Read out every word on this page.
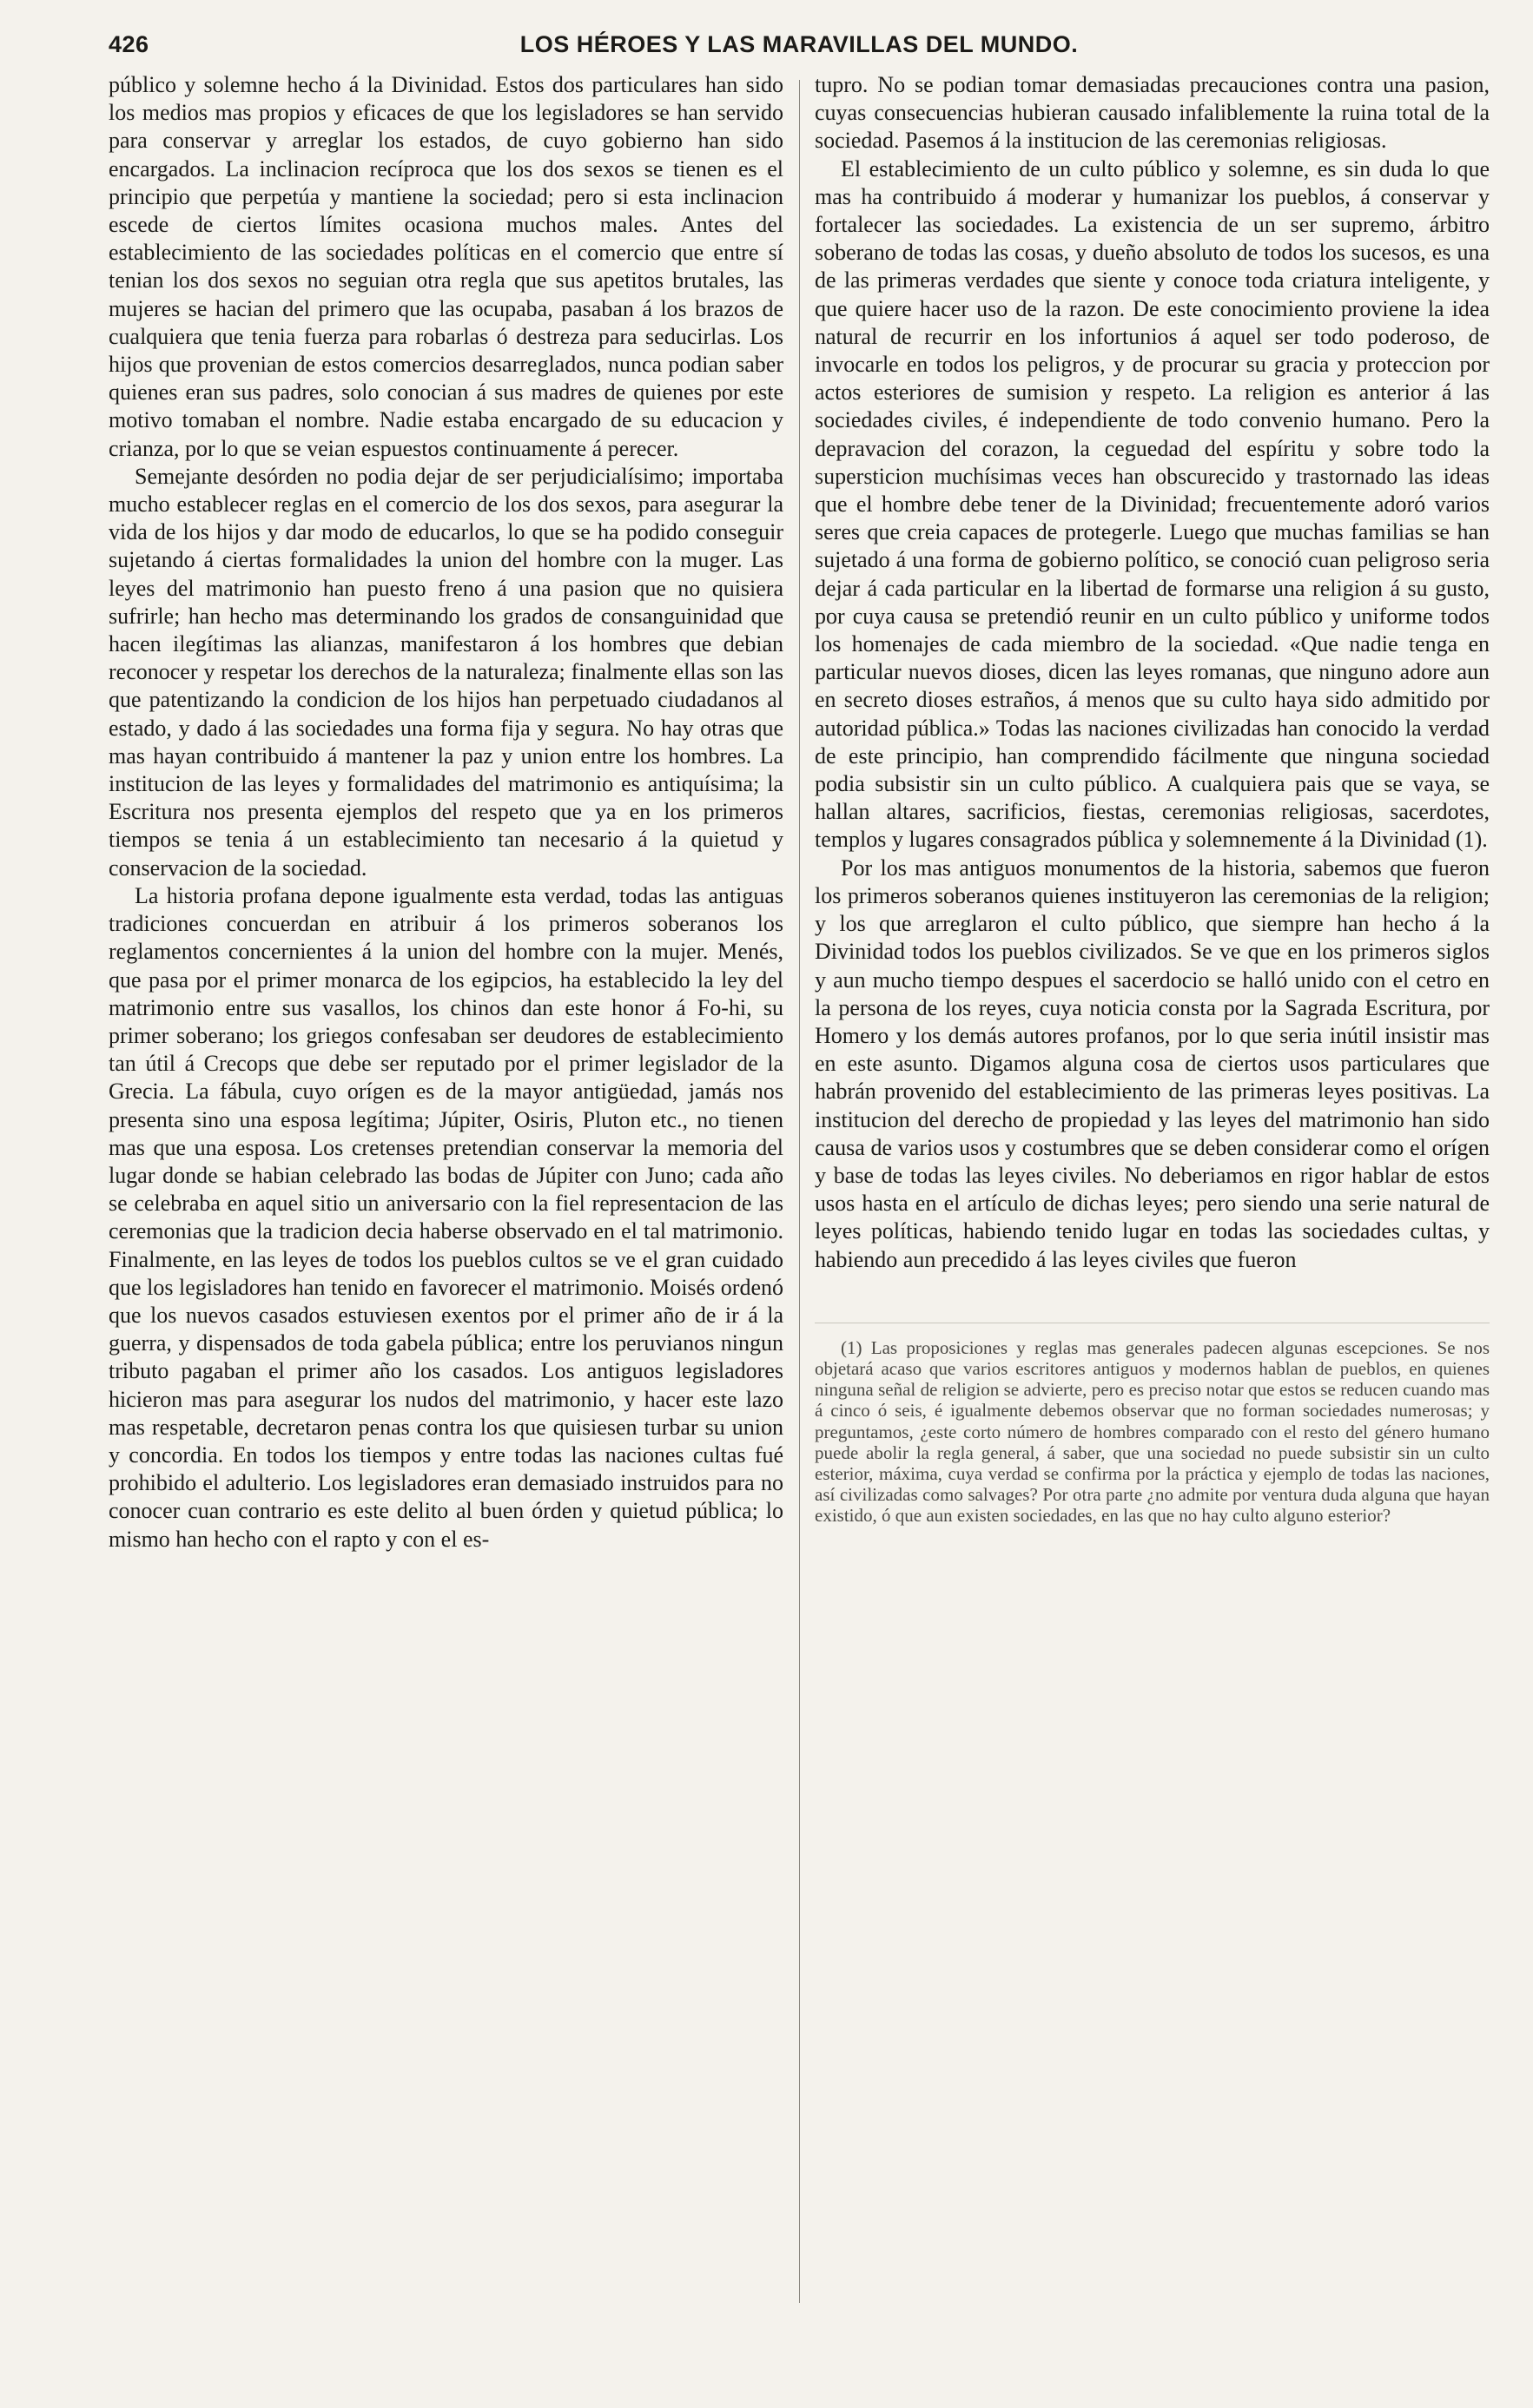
426	LOS HÉROES Y LAS MARAVILLAS DEL MUNDO.

público y solemne hecho á la Divinidad. Estos dos particulares han sido los medios mas propios y eficaces de que los legisladores se han servido para conservar y arreglar los estados, de cuyo gobierno han sido encargados. La inclinacion recíproca que los dos sexos se tienen es el principio que perpetúa y mantiene la sociedad; pero si esta inclinacion escede de ciertos límites ocasiona muchos males. Antes del establecimiento de las sociedades políticas en el comercio que entre sí tenian los dos sexos no seguian otra regla que sus apetitos brutales, las mujeres se hacian del primero que las ocupaba, pasaban á los brazos de cualquiera que tenia fuerza para robarlas ó destreza para seducirlas. Los hijos que provenian de estos comercios desarreglados, nunca podian saber quienes eran sus padres, solo conocian á sus madres de quienes por este motivo tomaban el nombre. Nadie estaba encargado de su educacion y crianza, por lo que se veian espuestos continuamente á perecer.

Semejante desórden no podia dejar de ser perjudicialísimo; importaba mucho establecer reglas en el comercio de los dos sexos, para asegurar la vida de los hijos y dar modo de educarlos, lo que se ha podido conseguir sujetando á ciertas formalidades la union del hombre con la muger. Las leyes del matrimonio han puesto freno á una pasion que no quisiera sufrirle; han hecho mas determinando los grados de consanguinidad que hacen ilegítimas las alianzas, manifestaron á los hombres que debian reconocer y respetar los derechos de la naturaleza; finalmente ellas son las que patentizando la condicion de los hijos han perpetuado ciudadanos al estado, y dado á las sociedades una forma fija y segura. No hay otras que mas hayan contribuido á mantener la paz y union entre los hombres. La institucion de las leyes y formalidades del matrimonio es antiquísima; la Escritura nos presenta ejemplos del respeto que ya en los primeros tiempos se tenia á un establecimiento tan necesario á la quietud y conservacion de la sociedad.

La historia profana depone igualmente esta verdad, todas las antiguas tradiciones concuerdan en atribuir á los primeros soberanos los reglamentos concernientes á la union del hombre con la mujer. Menés, que pasa por el primer monarca de los egipcios, ha establecido la ley del matrimonio entre sus vasallos, los chinos dan este honor á Fo-hi, su primer soberano; los griegos confesaban ser deudores de establecimiento tan útil á Crecops que debe ser reputado por el primer legislador de la Grecia. La fábula, cuyo orígen es de la mayor antigüedad, jamás nos presenta sino una esposa legítima; Júpiter, Osiris, Pluton etc., no tienen mas que una esposa. Los cretenses pretendian conservar la memoria del lugar donde se habian celebrado las bodas de Júpiter con Juno; cada año se celebraba en aquel sitio un aniversario con la fiel representacion de las ceremonias que la tradicion decia haberse observado en el tal matrimonio. Finalmente, en las leyes de todos los pueblos cultos se ve el gran cuidado que los legisladores han tenido en favorecer el matrimonio. Moisés ordenó que los nuevos casados estuviesen exentos por el primer año de ir á la guerra, y dispensados de toda gabela pública; entre los peruvianos ningun tributo pagaban el primer año los casados. Los antiguos legisladores hicieron mas para asegurar los nudos del matrimonio, y hacer este lazo mas respetable, decretaron penas contra los que quisiesen turbar su union y concordia. En todos los tiempos y entre todas las naciones cultas fué prohibido el adulterio. Los legisladores eran demasiado instruidos para no conocer cuan contrario es este delito al buen órden y quietud pública; lo mismo han hecho con el rapto y con el es-

tupro. No se podian tomar demasiadas precauciones contra una pasion, cuyas consecuencias hubieran causado infaliblemente la ruina total de la sociedad. Pasemos á la institucion de las ceremonias religiosas.

El establecimiento de un culto público y solemne, es sin duda lo que mas ha contribuido á moderar y humanizar los pueblos, á conservar y fortalecer las sociedades. La existencia de un ser supremo, árbitro soberano de todas las cosas, y dueño absoluto de todos los sucesos, es una de las primeras verdades que siente y conoce toda criatura inteligente, y que quiere hacer uso de la razon. De este conocimiento proviene la idea natural de recurrir en los infortunios á aquel ser todo poderoso, de invocarle en todos los peligros, y de procurar su gracia y proteccion por actos esteriores de sumision y respeto. La religion es anterior á las sociedades civiles, é independiente de todo convenio humano. Pero la depravacion del corazon, la ceguedad del espíritu y sobre todo la supersticion muchísimas veces han obscurecido y trastornado las ideas que el hombre debe tener de la Divinidad; frecuentemente adoró varios seres que creia capaces de protegerle. Luego que muchas familias se han sujetado á una forma de gobierno político, se conoció cuan peligroso seria dejar á cada particular en la libertad de formarse una religion á su gusto, por cuya causa se pretendió reunir en un culto público y uniforme todos los homenajes de cada miembro de la sociedad. «Que nadie tenga en particular nuevos dioses, dicen las leyes romanas, que ninguno adore aun en secreto dioses estraños, á menos que su culto haya sido admitido por autoridad pública.» Todas las naciones civilizadas han conocido la verdad de este principio, han comprendido fácilmente que ninguna sociedad podia subsistir sin un culto público. A cualquiera pais que se vaya, se hallan altares, sacrificios, fiestas, ceremonias religiosas, sacerdotes, templos y lugares consagrados pública y solemnemente á la Divinidad (1).

Por los mas antiguos monumentos de la historia, sabemos que fueron los primeros soberanos quienes instituyeron las ceremonias de la religion; y los que arreglaron el culto público, que siempre han hecho á la Divinidad todos los pueblos civilizados. Se ve que en los primeros siglos y aun mucho tiempo despues el sacerdocio se halló unido con el cetro en la persona de los reyes, cuya noticia consta por la Sagrada Escritura, por Homero y los demás autores profanos, por lo que seria inútil insistir mas en este asunto. Digamos alguna cosa de ciertos usos particulares que habrán provenido del establecimiento de las primeras leyes positivas. La institucion del derecho de propiedad y las leyes del matrimonio han sido causa de varios usos y costumbres que se deben considerar como el orígen y base de todas las leyes civiles. No deberiamos en rigor hablar de estos usos hasta en el artículo de dichas leyes; pero siendo una serie natural de leyes políticas, habiendo tenido lugar en todas las sociedades cultas, y habiendo aun precedido á las leyes civiles que fueron

(1) Las proposiciones y reglas mas generales padecen algunas escepciones. Se nos objetará acaso que varios escritores antiguos y modernos hablan de pueblos, en quienes ninguna señal de religion se advierte, pero es preciso notar que estos se reducen cuando mas á cinco ó seis, é igualmente debemos observar que no forman sociedades numerosas; y preguntamos, ¿este corto número de hombres comparado con el resto del género humano puede abolir la regla general, á saber, que una sociedad no puede subsistir sin un culto esterior, máxima, cuya verdad se confirma por la práctica y ejemplo de todas las naciones, así civilizadas como salvages? Por otra parte ¿no admite por ventura duda alguna que hayan existido, ó que aun existen sociedades, en las que no hay culto alguno esterior?
